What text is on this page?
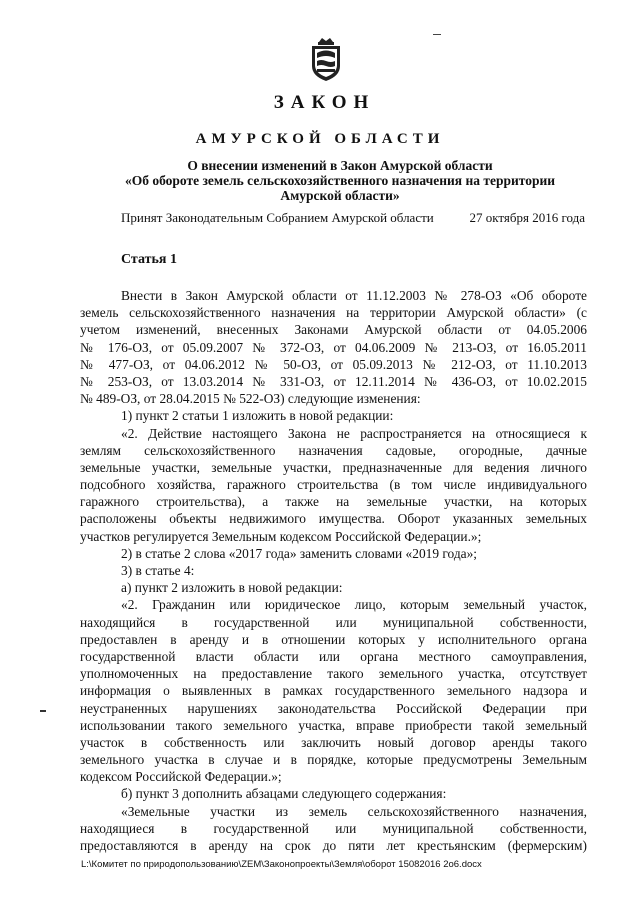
ЗАКОН
АМУРСКОЙ ОБЛАСТИ
О внесении изменений в Закон Амурской области
«Об обороте земель сельскохозяйственного назначения на территории
Амурской области»
Принят Законодательным Собранием Амурской области	27 октября 2016 года
Статья 1
Внести в Закон Амурской области от 11.12.2003 № 278-ОЗ «Об обороте
земель сельскохозяйственного назначения на территории Амурской области» (с
учетом изменений, внесенных Законами Амурской области от 04.05.2006
№ 176-ОЗ, от 05.09.2007 № 372-ОЗ, от 04.06.2009 № 213-ОЗ, от 16.05.2011
№ 477-ОЗ, от 04.06.2012 № 50-ОЗ, от 05.09.2013 № 212-ОЗ, от 11.10.2013
№ 253-ОЗ, от 13.03.2014 № 331-ОЗ, от 12.11.2014 № 436-ОЗ, от 10.02.2015
№ 489-ОЗ, от 28.04.2015 № 522-ОЗ) следующие изменения:
1) пункт 2 статьи 1 изложить в новой редакции:
«2. Действие настоящего Закона не распространяется на относящиеся к
землям сельскохозяйственного назначения садовые, огородные, дачные
земельные участки, земельные участки, предназначенные для ведения личного
подсобного хозяйства, гаражного строительства (в том числе индивидуального
гаражного строительства), а также на земельные участки, на которых
расположены объекты недвижимого имущества. Оборот указанных земельных
участков регулируется Земельным кодексом Российской Федерации.»;
2) в статье 2 слова «2017 года» заменить словами «2019 года»;
3) в статье 4:
а) пункт 2 изложить в новой редакции:
«2. Гражданин или юридическое лицо, которым земельный участок,
находящийся в государственной или муниципальной собственности,
предоставлен в аренду и в отношении которых у исполнительного органа
государственной власти области или органа местного самоуправления,
уполномоченных на предоставление такого земельного участка, отсутствует
информация о выявленных в рамках государственного земельного надзора и
неустраненных нарушениях законодательства Российской Федерации при
использовании такого земельного участка, вправе приобрести такой земельный
участок в собственность или заключить новый договор аренды такого
земельного участка в случае и в порядке, которые предусмотрены Земельным
кодексом Российской Федерации.»;
б) пункт 3 дополнить абзацами следующего содержания:
«Земельные участки из земель сельскохозяйственного назначения,
находящиеся в государственной или муниципальной собственности,
предоставляются в аренду на срок до пяти лет крестьянским (фермерским)
L:\Комитет по природопользованию\ZEM\Законопроекты\Земля\оборот 15082016 2о6.docx
